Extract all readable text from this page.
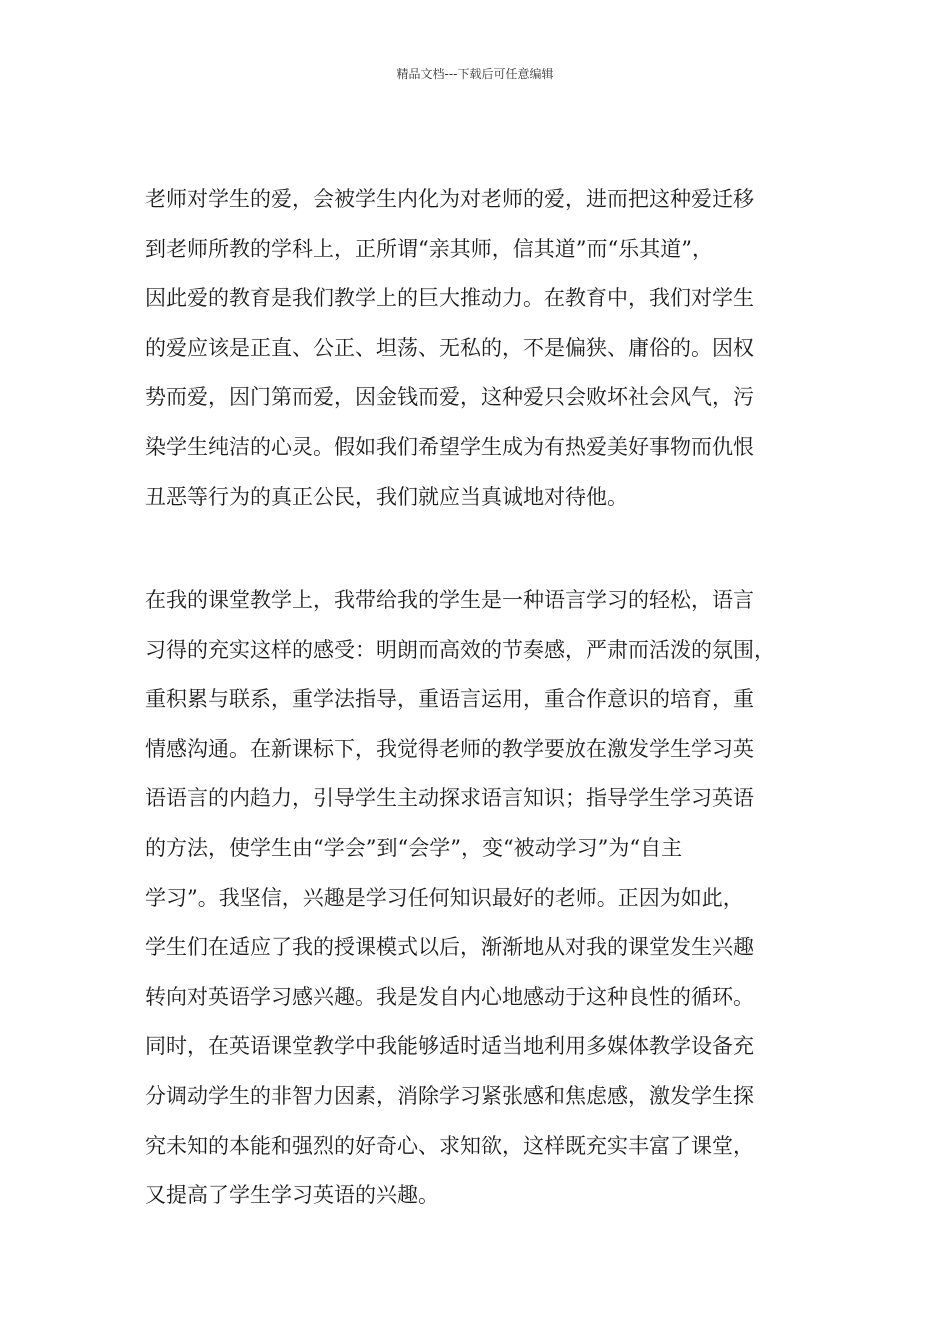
精品文档---下载后可任意编辑
老师对学生的爱，会被学生内化为对老师的爱，进而把这种爱迁移
到老师所教的学科上，正所谓“亲其师，信其道”而“乐其道”，
因此爱的教育是我们教学上的巨大推动力。在教育中，我们对学生
的爱应该是正直、公正、坦荡、无私的，不是偏狭、庸俗的。因权
势而爱，因门第而爱，因金钱而爱，这种爱只会败坏社会风气，污
染学生纯洁的心灵。假如我们希望学生成为有热爱美好事物而仇恨
丑恶等行为的真正公民，我们就应当真诚地对待他。
在我的课堂教学上，我带给我的学生是一种语言学习的轻松，语言
习得的充实这样的感受：明朗而高效的节奏感，严肃而活泼的氛围，
重积累与联系，重学法指导，重语言运用，重合作意识的培育，重
情感沟通。在新课标下，我觉得老师的教学要放在激发学生学习英
语语言的内趋力，引导学生主动探求语言知识；指导学生学习英语
的方法，使学生由“学会”到“会学”，变“被动学习”为“自主
学习”。我坚信，兴趣是学习任何知识最好的老师。正因为如此，
学生们在适应了我的授课模式以后，渐渐地从对我的课堂发生兴趣
转向对英语学习感兴趣。我是发自内心地感动于这种良性的循环。
同时，在英语课堂教学中我能够适时适当地利用多媒体教学设备充
分调动学生的非智力因素，消除学习紧张感和焦虑感，激发学生探
究未知的本能和强烈的好奇心、求知欲，这样既充实丰富了课堂，
又提高了学生学习英语的兴趣。
